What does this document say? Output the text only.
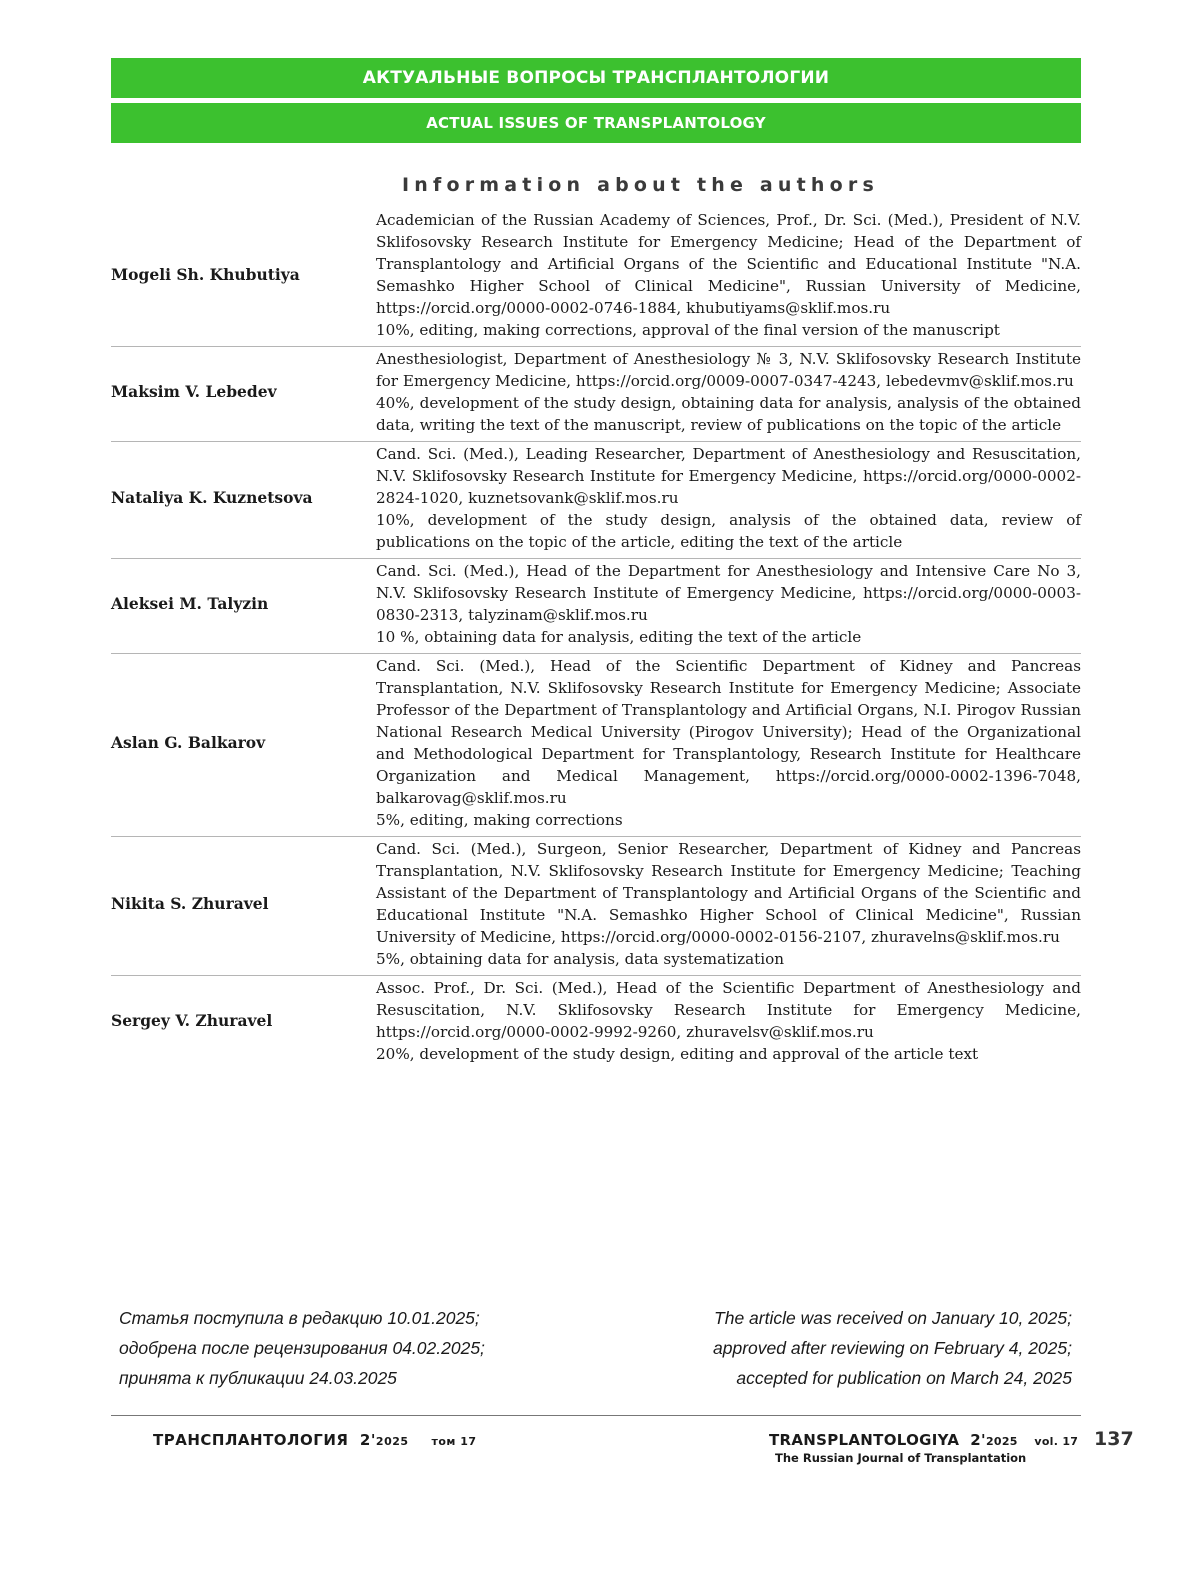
АКТУАЛЬНЫЕ ВОПРОСЫ ТРАНСПЛАНТОЛОГИИ
ACTUAL ISSUES OF TRANSPLANTOLOGY
Information about the authors
Mogeli Sh. Khubutiya
Academician of the Russian Academy of Sciences, Prof., Dr. Sci. (Med.), President of N.V. Sklifosovsky Research Institute for Emergency Medicine; Head of the Department of Transplantology and Artificial Organs of the Scientific and Educational Institute "N.A. Semashko Higher School of Clinical Medicine", Russian University of Medicine, https://orcid.org/0000-0002-0746-1884, khubutiyams@sklif.mos.ru
10%, editing, making corrections, approval of the final version of the manuscript
Maksim V. Lebedev
Anesthesiologist, Department of Anesthesiology № 3, N.V. Sklifosovsky Research Institute for Emergency Medicine, https://orcid.org/0009-0007-0347-4243, lebedevmv@sklif.mos.ru
40%, development of the study design, obtaining data for analysis, analysis of the obtained data, writing the text of the manuscript, review of publications on the topic of the article
Nataliya K. Kuznetsova
Cand. Sci. (Med.), Leading Researcher, Department of Anesthesiology and Resuscitation, N.V. Sklifosovsky Research Institute for Emergency Medicine, https://orcid.org/0000-0002-2824-1020, kuznetsovank@sklif.mos.ru
10%, development of the study design, analysis of the obtained data, review of publications on the topic of the article, editing the text of the article
Aleksei M. Talyzin
Cand. Sci. (Med.), Head of the Department for Anesthesiology and Intensive Care No 3, N.V. Sklifosovsky Research Institute of Emergency Medicine, https://orcid.org/0000-0003-0830-2313, talyzinam@sklif.mos.ru
10 %, obtaining data for analysis, editing the text of the article
Aslan G. Balkarov
Cand. Sci. (Med.), Head of the Scientific Department of Kidney and Pancreas Transplantation, N.V. Sklifosovsky Research Institute for Emergency Medicine; Associate Professor of the Department of Transplantology and Artificial Organs, N.I. Pirogov Russian National Research Medical University (Pirogov University); Head of the Organizational and Methodological Department for Transplantology, Research Institute for Healthcare Organization and Medical Management, https://orcid.org/0000-0002-1396-7048, balkarovag@sklif.mos.ru
5%, editing, making corrections
Nikita S. Zhuravel
Cand. Sci. (Med.), Surgeon, Senior Researcher, Department of Kidney and Pancreas Transplantation, N.V. Sklifosovsky Research Institute for Emergency Medicine; Teaching Assistant of the Department of Transplantology and Artificial Organs of the Scientific and Educational Institute "N.A. Semashko Higher School of Clinical Medicine", Russian University of Medicine, https://orcid.org/0000-0002-0156-2107, zhuravelns@sklif.mos.ru
5%, obtaining data for analysis, data systematization
Sergey V. Zhuravel
Assoc. Prof., Dr. Sci. (Med.), Head of the Scientific Department of Anesthesiology and Resuscitation, N.V. Sklifosovsky Research Institute for Emergency Medicine, https://orcid.org/0000-0002-9992-9260, zhuravelsv@sklif.mos.ru
20%, development of the study design, editing and approval of the article text
Статья поступила в редакцию 10.01.2025;
одобрена после рецензирования 04.02.2025;
принята к публикации 24.03.2025
The article was received on January 10, 2025;
approved after reviewing on February 4, 2025;
accepted for publication on March 24, 2025
ТРАНСПЛАНТОЛОГИЯ 2'2025 том 17	TRANSPLANTOLOGIYA 2'2025 vol. 17
The Russian Journal of Transplantation
137
